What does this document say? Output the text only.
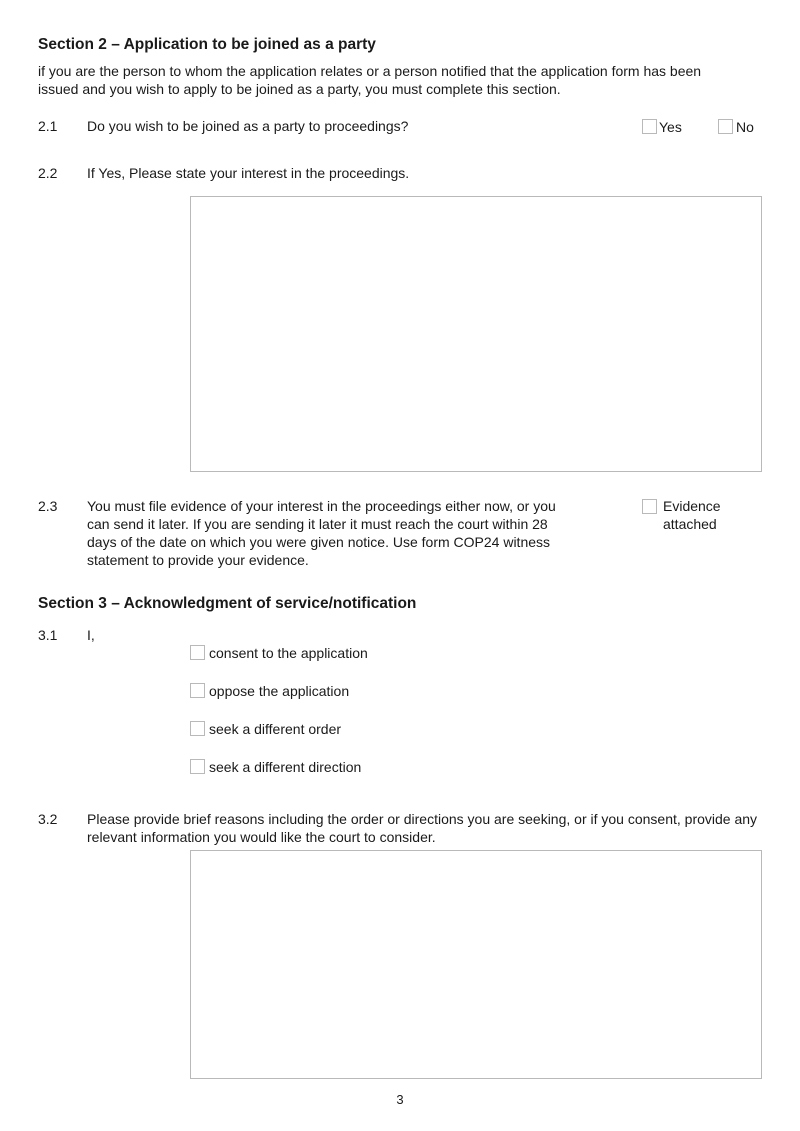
Section 2 – Application to be joined as a party
if you are the person to whom the application relates or a person notified that the application form has been issued and you wish to apply to be joined as a party, you must complete this section.
2.1 Do you wish to be joined as a party to proceedings?	Yes	No
2.2 If Yes, Please state your interest in the proceedings.
2.3 You must file evidence of your interest in the proceedings either now, or you can send it later. If you are sending it later it must reach the court within 28 days of the date on which you were given notice. Use form COP24 witness statement to provide your evidence.
Evidence
attached
Section 3 – Acknowledgment of service/notification
3.1 I,
consent to the application
oppose the application
seek a different order
seek a different direction
3.2 Please provide brief reasons including the order or directions you are seeking, or if you consent, provide any relevant information you would like the court to consider.
3
